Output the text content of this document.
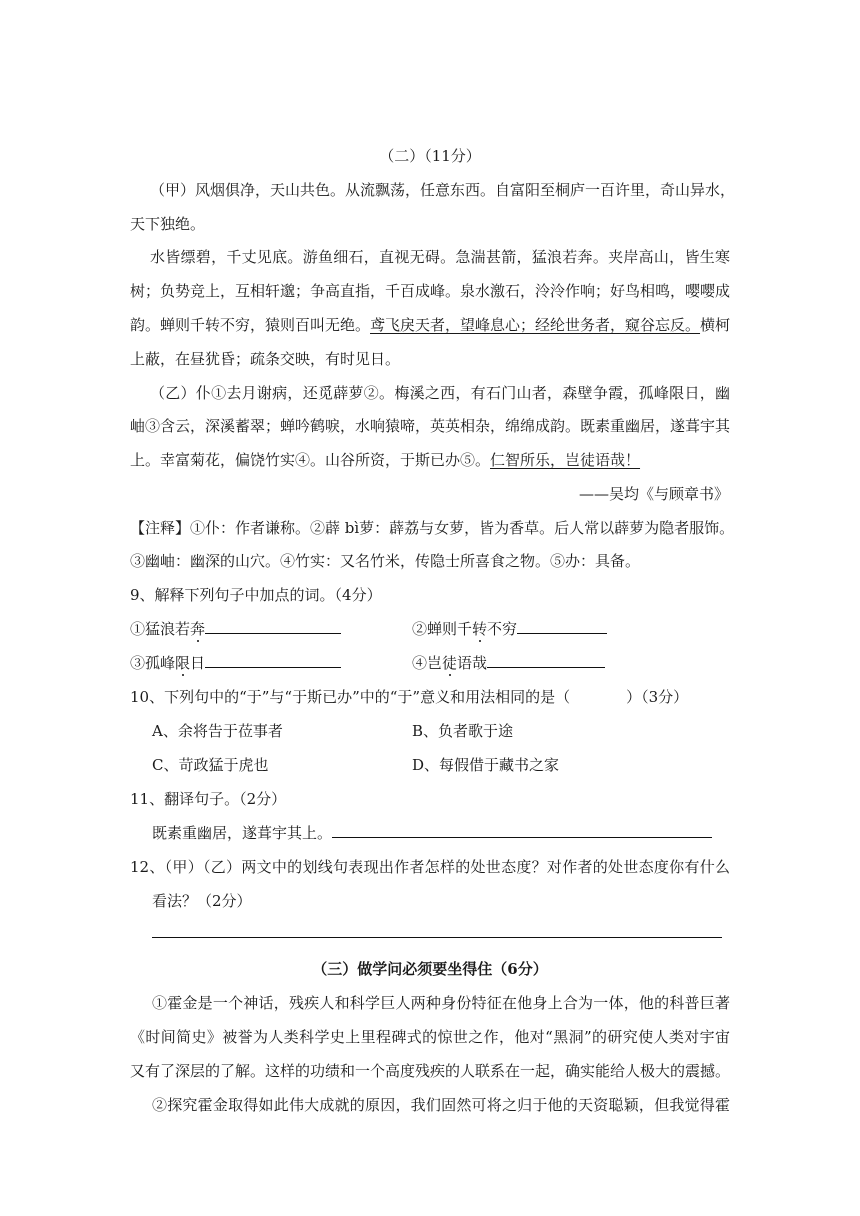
（二）（11分）
（甲）风烟俱净，天山共色。从流飘荡，任意东西。自富阳至桐庐一百许里，奇山异水，
天下独绝。
水皆缥碧，千丈见底。游鱼细石，直视无碍。急湍甚箭，猛浪若奔。夹岸高山，皆生寒
树；负势竞上，互相轩邈；争高直指，千百成峰。泉水激石，泠泠作响；好鸟相鸣，嘤嘤成
韵。蝉则千转不穷，猿则百叫无绝。鸢飞戾天者，望峰息心；经纶世务者，窥谷忘反。横柯
上蔽，在昼犹昏；疏条交映，有时见日。
（乙）仆①去月谢病，还觅薜萝②。梅溪之西，有石门山者，森壁争霞，孤峰限日，幽
岫③含云，深溪蓄翠；蝉吟鹤唳，水响猿啼，英英相杂，绵绵成韵。既素重幽居，遂葺宇其
上。幸富菊花，偏饶竹实④。山谷所资，于斯已办⑤。仁智所乐，岂徒语哉！
——吴均《与顾章书》
【注释】①仆：作者谦称。②薜 bì萝：薜荔与女萝，皆为香草。后人常以薜萝为隐者服饰。
③幽岫：幽深的山穴。④竹实：又名竹米，传隐士所喜食之物。⑤办：具备。
9、解释下列句子中加点的词。（4分）
①猛浪若奔	②蝉则千转不穷
③孤峰限日	④岂徒语哉
10、下列句中的“于”与“于斯已办”中的“于”意义和用法相同的是（	）（3分）
A、余将告于莅事者	B、负者歌于途
C、苛政猛于虎也	D、每假借于藏书之家
11、翻译句子。（2分）
既素重幽居，遂葺宇其上。
12、（甲）（乙）两文中的划线句表现出作者怎样的处世态度？对作者的处世态度你有什么
看法？（2分）
（三）做学问必须要坐得住（6分）
①霍金是一个神话，残疾人和科学巨人两种身份特征在他身上合为一体，他的科普巨著
《时间简史》被誉为人类科学史上里程碑式的惊世之作，他对“黑洞”的研究使人类对宇宙
又有了深层的了解。这样的功绩和一个高度残疾的人联系在一起，确实能给人极大的震撼。
②探究霍金取得如此伟大成就的原因，我们固然可将之归于他的天资聪颖，但我觉得霍
